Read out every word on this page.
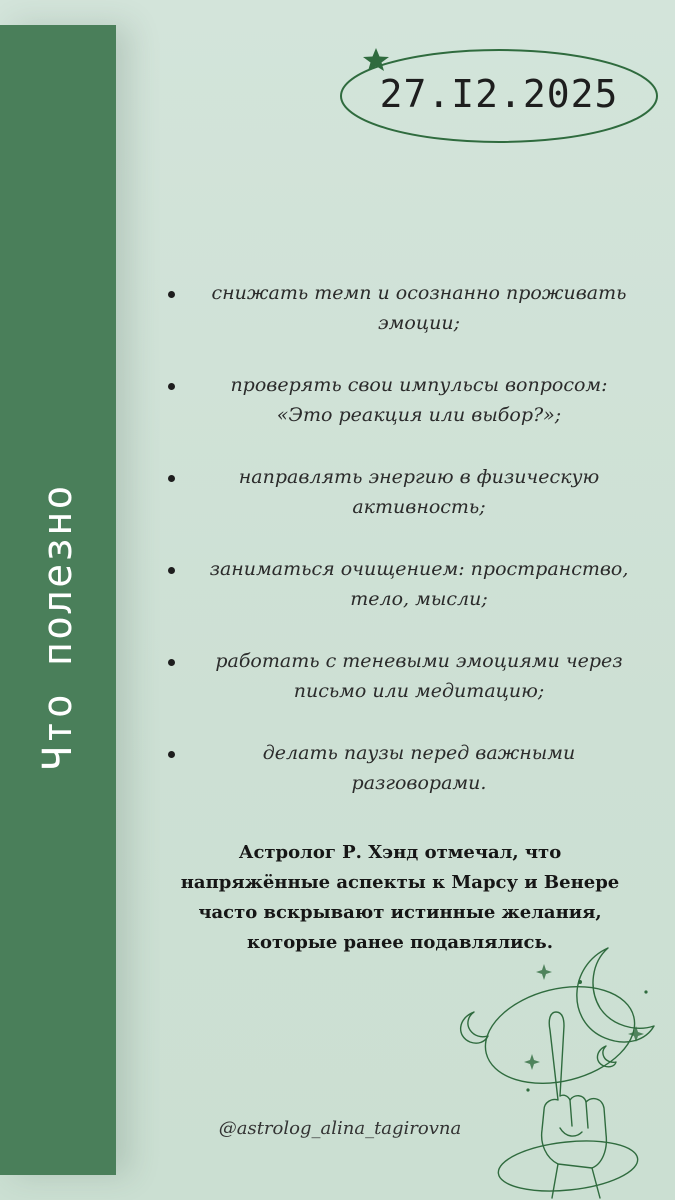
Что полезно
27.I2.2025
снижать темп и осознанно проживать
эмоции;
проверять свои импульсы вопросом:
«Это реакция или выбор?»;
направлять энергию в физическую
активность;
заниматься очищением: пространство,
тело, мысли;
работать с теневыми эмоциями через
письмо или медитацию;
делать паузы перед важными
разговорами.
Астролог Р. Хэнд отмечал, что
напряжённые аспекты к Марсу и Венере
часто вскрывают истинные желания,
которые ранее подавлялись.
@astrolog_alina_tagirovna
